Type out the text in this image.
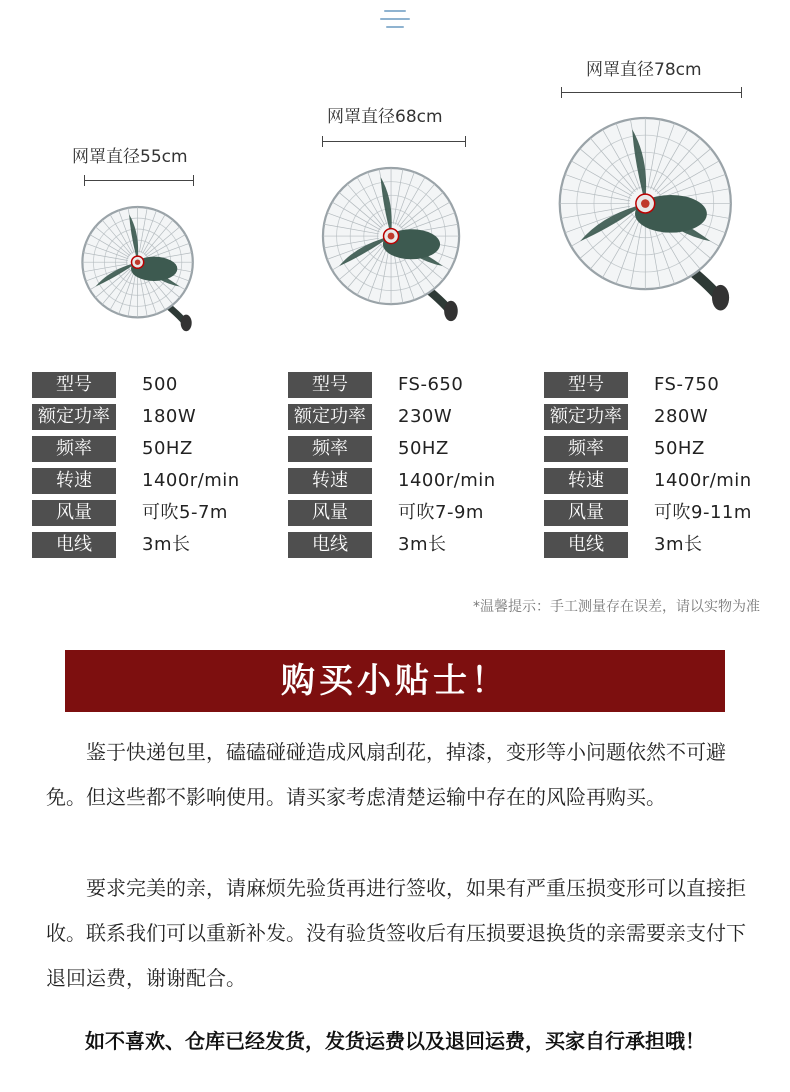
网罩直径55cm
网罩直径68cm
网罩直径78cm
型号	500
额定功率	180W
频率	50HZ
转速	1400r/min
风量	可吹5-7m
电线	3m长
型号	FS-650
额定功率	230W
频率	50HZ
转速	1400r/min
风量	可吹7-9m
电线	3m长
型号	FS-750
额定功率	280W
频率	50HZ
转速	1400r/min
风量	可吹9-11m
电线	3m长
*温馨提示：手工测量存在误差，请以实物为准
购买小贴士！

鉴于快递包里，磕磕碰碰造成风扇刮花，掉漆，变形等小问题依然不可避免。但这些都不影响使用。请买家考虑清楚运输中存在的风险再购买。

要求完美的亲，请麻烦先验货再进行签收，如果有严重压损变形可以直接拒收。联系我们可以重新补发。没有验货签收后有压损要退换货的亲需要亲支付下退回运费，谢谢配合。

如不喜欢、仓库已经发货，发货运费以及退回运费，买家自行承担哦！
